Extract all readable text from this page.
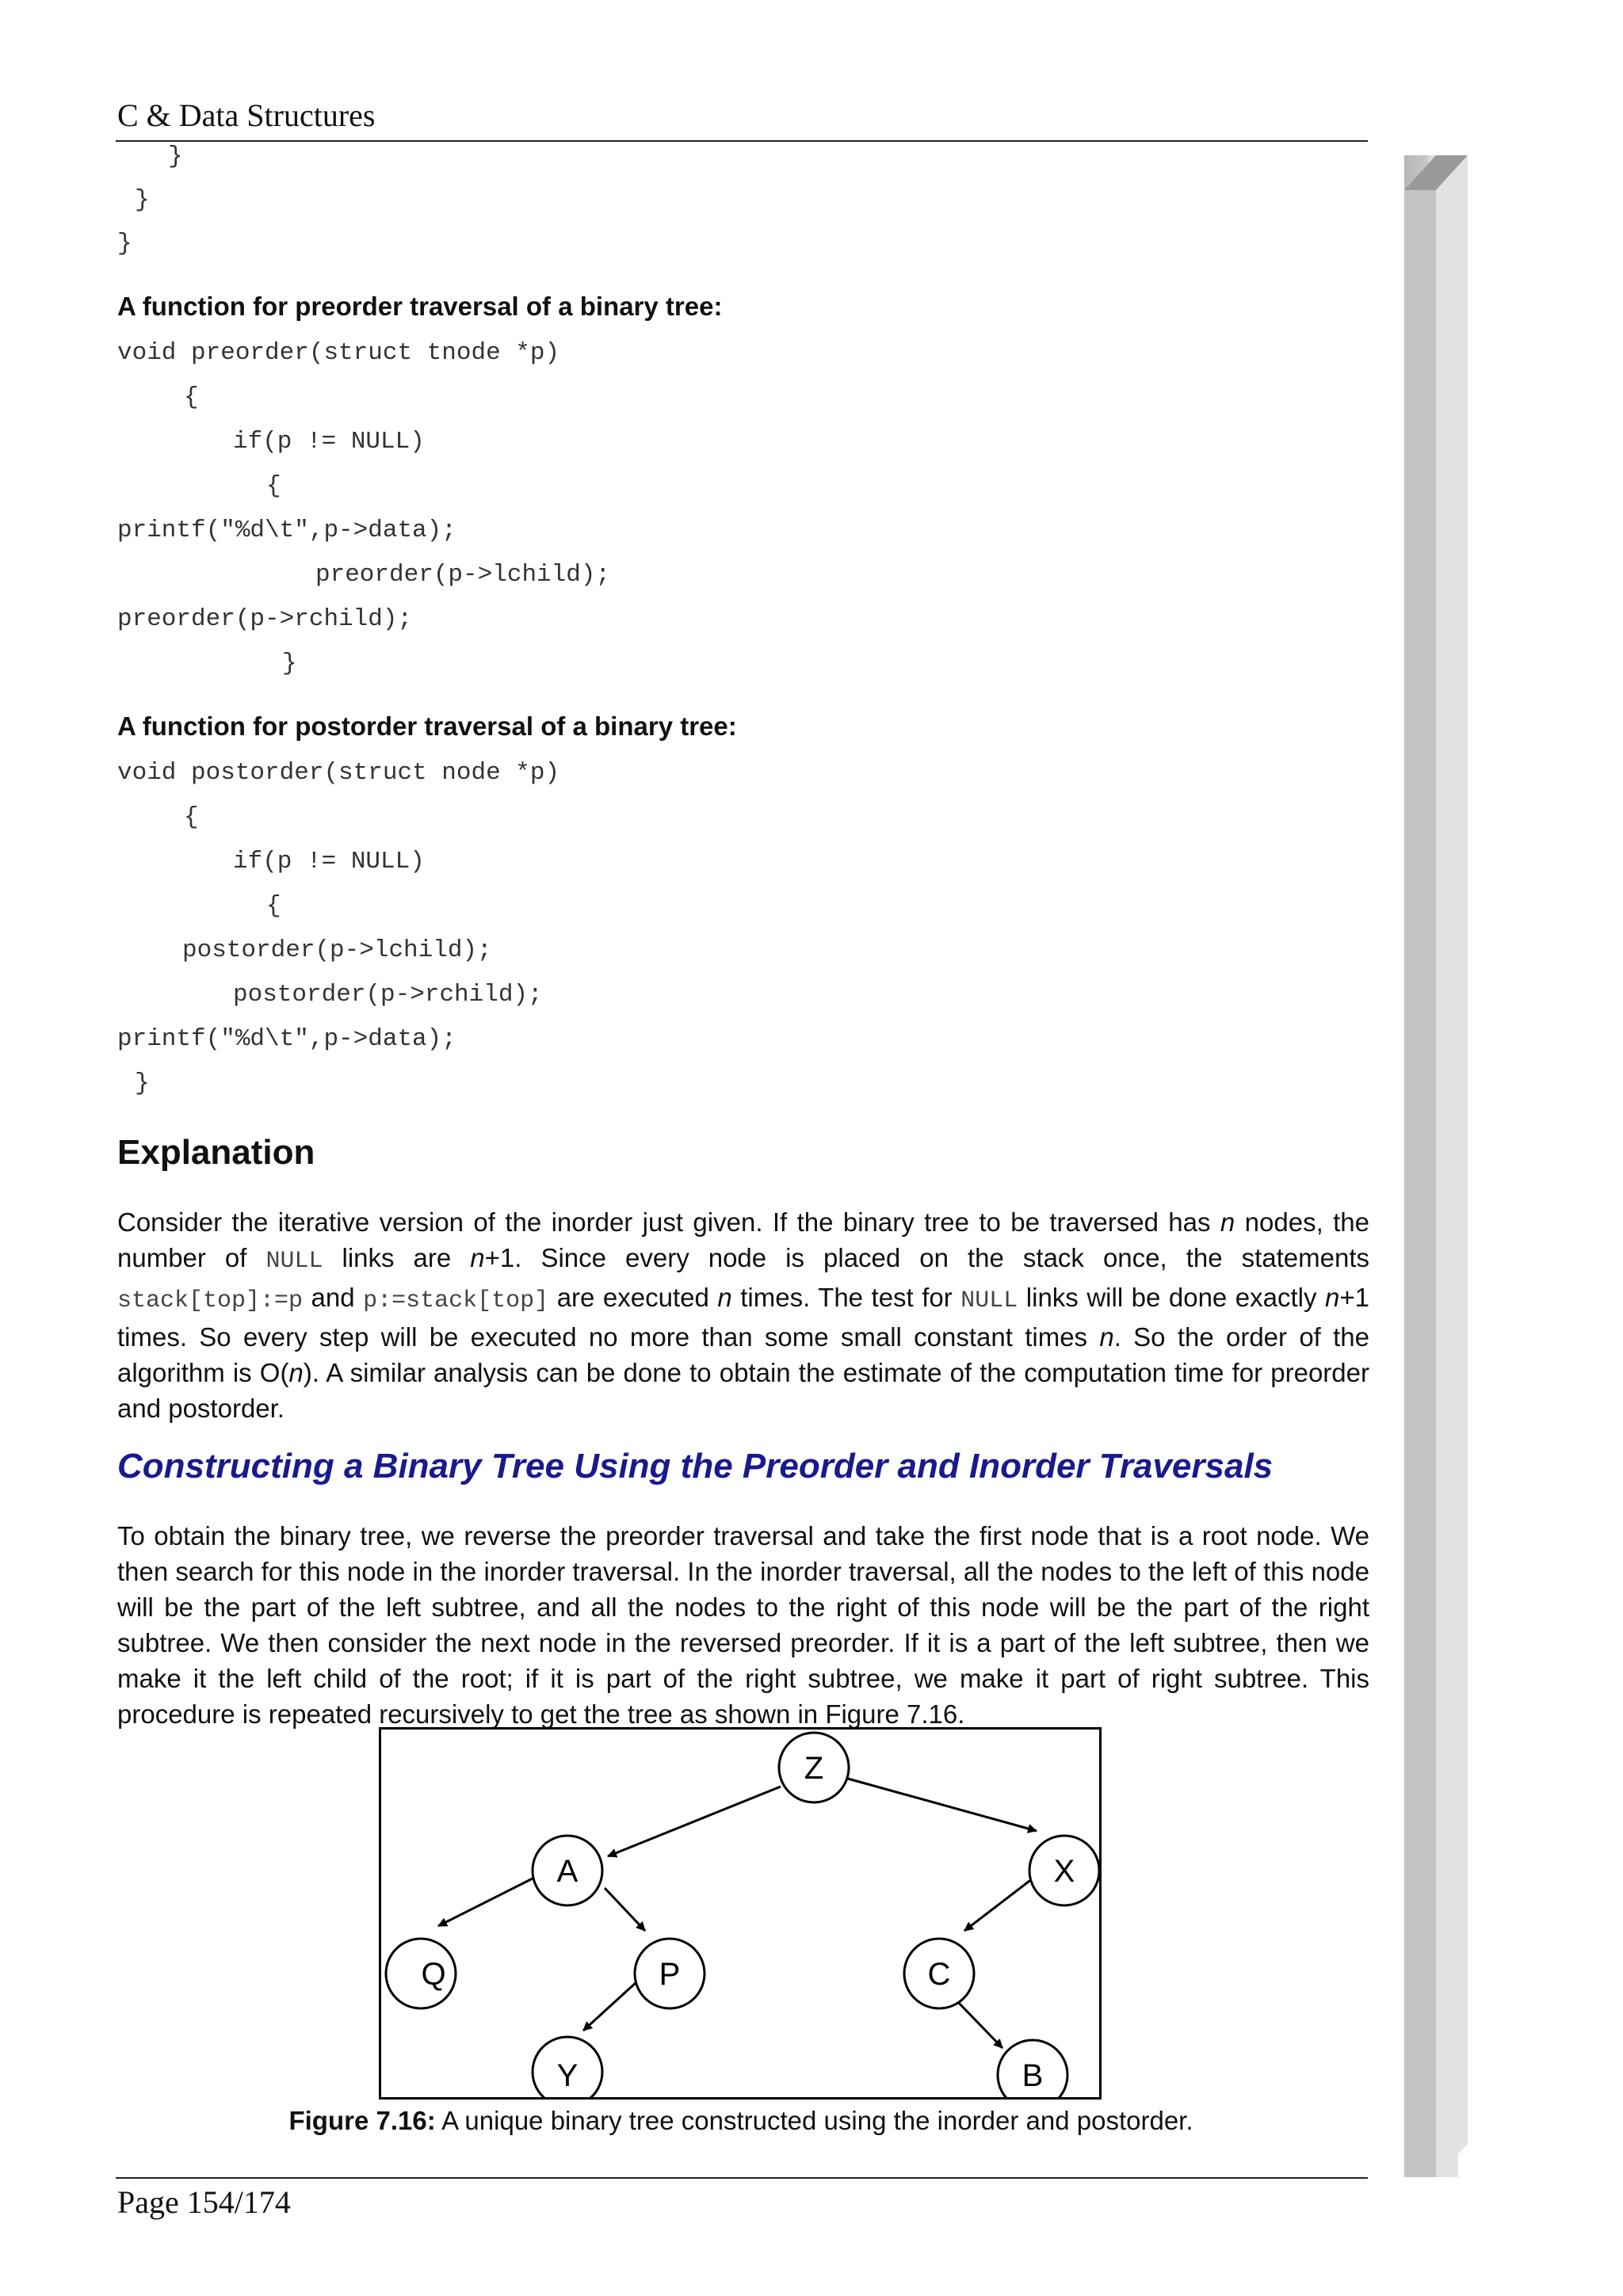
C & Data Structures
}
}
}
A function for preorder traversal of a binary tree:
void preorder(struct tnode *p)
{
if(p != NULL)
{
printf("%d\t",p->data);
preorder(p->lchild);
preorder(p->rchild);
}
A function for postorder traversal of a binary tree:
void postorder(struct node *p)
{
if(p != NULL)
{
postorder(p->lchild);
postorder(p->rchild);
printf("%d\t",p->data);
}
Explanation
Consider the iterative version of the inorder just given. If the binary tree to be traversed has n nodes, the number of NULL links are n+1. Since every node is placed on the stack once, the statements stack[top]:=p and p:=stack[top] are executed n times. The test for NULL links will be done exactly n+1 times. So every step will be executed no more than some small constant times n. So the order of the algorithm is O(n). A similar analysis can be done to obtain the estimate of the computation time for preorder and postorder.
Constructing a Binary Tree Using the Preorder and Inorder Traversals
To obtain the binary tree, we reverse the preorder traversal and take the first node that is a root node. We then search for this node in the inorder traversal. In the inorder traversal, all the nodes to the left of this node will be the part of the left subtree, and all the nodes to the right of this node will be the part of the right subtree. We then consider the next node in the reversed preorder. If it is a part of the left subtree, then we make it the left child of the root; if it is part of the right subtree, we make it part of right subtree. This procedure is repeated recursively to get the tree as shown in Figure 7.16.
Z
A	X
Q	P	C
Y	B
Figure 7.16: A unique binary tree constructed using the inorder and postorder.
Page 154/174
